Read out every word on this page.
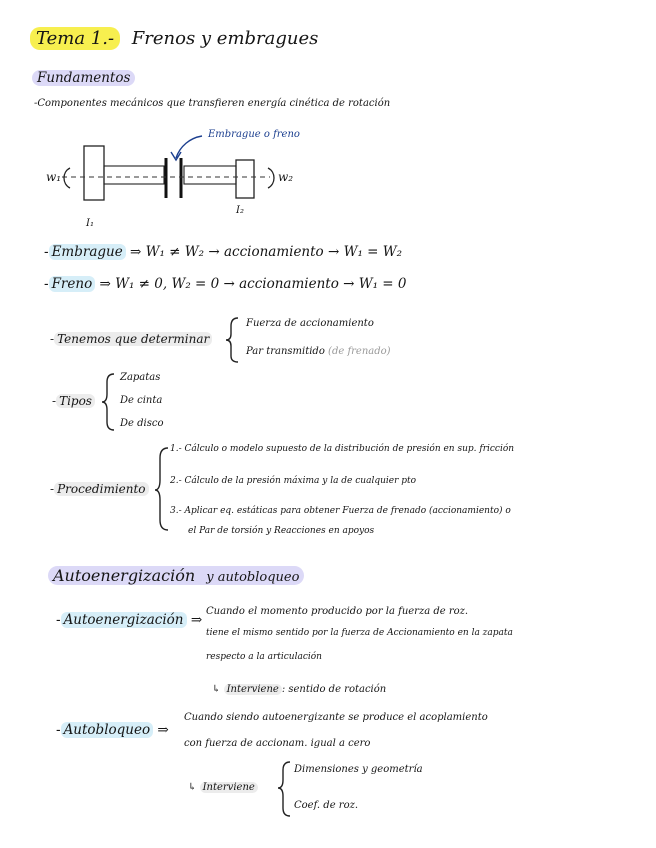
Tema 1.- Frenos y embragues
Fundamentos
-Componentes mecánicos que transfieren energía cinética de rotación
Embrague o freno
w₁	w₂
I₁
I₂
- Embrague ⇒ W₁ ≠ W₂ → accionamiento → W₁ = W₂
- Freno ⇒ W₁ ≠ 0, W₂ = 0 → accionamiento → W₁ = 0
- Tenemos que determinar
Fuerza de accionamiento
Par transmitido (de frenado)
- Tipos
Zapatas
De cinta
De disco
- Procedimiento
1.- Cálculo o modelo supuesto de la distribución de presión en sup. fricción
2.- Cálculo de la presión máxima y la de cualquier pto
3.- Aplicar eq. estáticas para obtener Fuerza de frenado (accionamiento) o
el Par de torsión y Reacciones en apoyos
Autoenergización y autobloqueo
- Autoenergización ⇒
Cuando el momento producido por la fuerza de roz.
tiene el mismo sentido por la fuerza de Accionamiento en la zapata
respecto a la articulación
↳ Interviene : sentido de rotación
- Autobloqueo ⇒
Cuando siendo autoenergizante se produce el acoplamiento
con fuerza de accionam. igual a cero
↳ Interviene
Dimensiones y geometría
Coef. de roz.
